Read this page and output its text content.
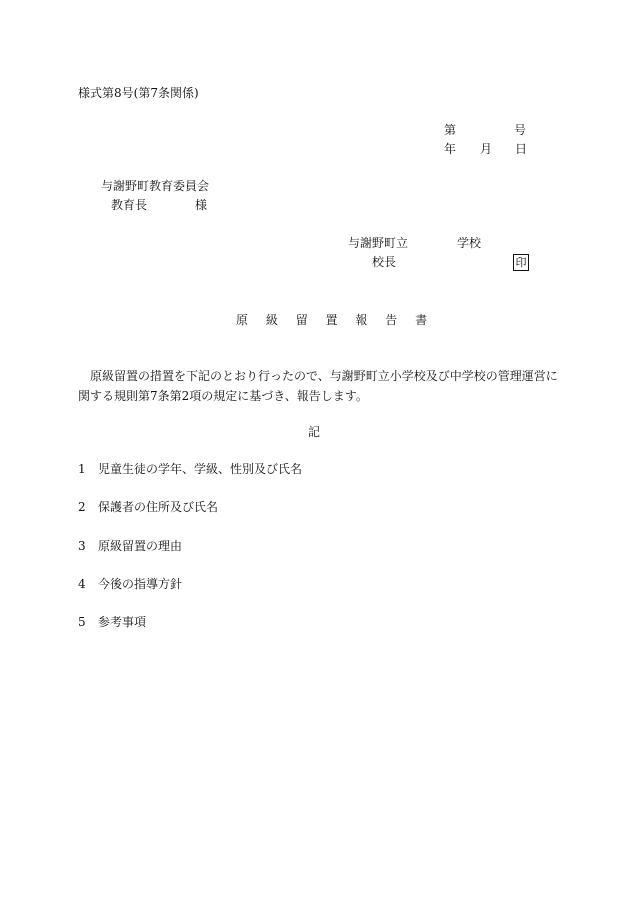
様式第8号(第7条関係)
第	号
年 月 日
与謝野町教育委員会
教育長	様
与謝野町立	学校
校長	印
原 級 留 置 報 告 書
原級留置の措置を下記のとおり行ったので、与謝野町立小学校及び中学校の管理運営に関する規則第7条第2項の規定に基づき、報告します。
記
1 児童生徒の学年、学級、性別及び氏名
2 保護者の住所及び氏名
3 原級留置の理由
4 今後の指導方針
5 参考事項
